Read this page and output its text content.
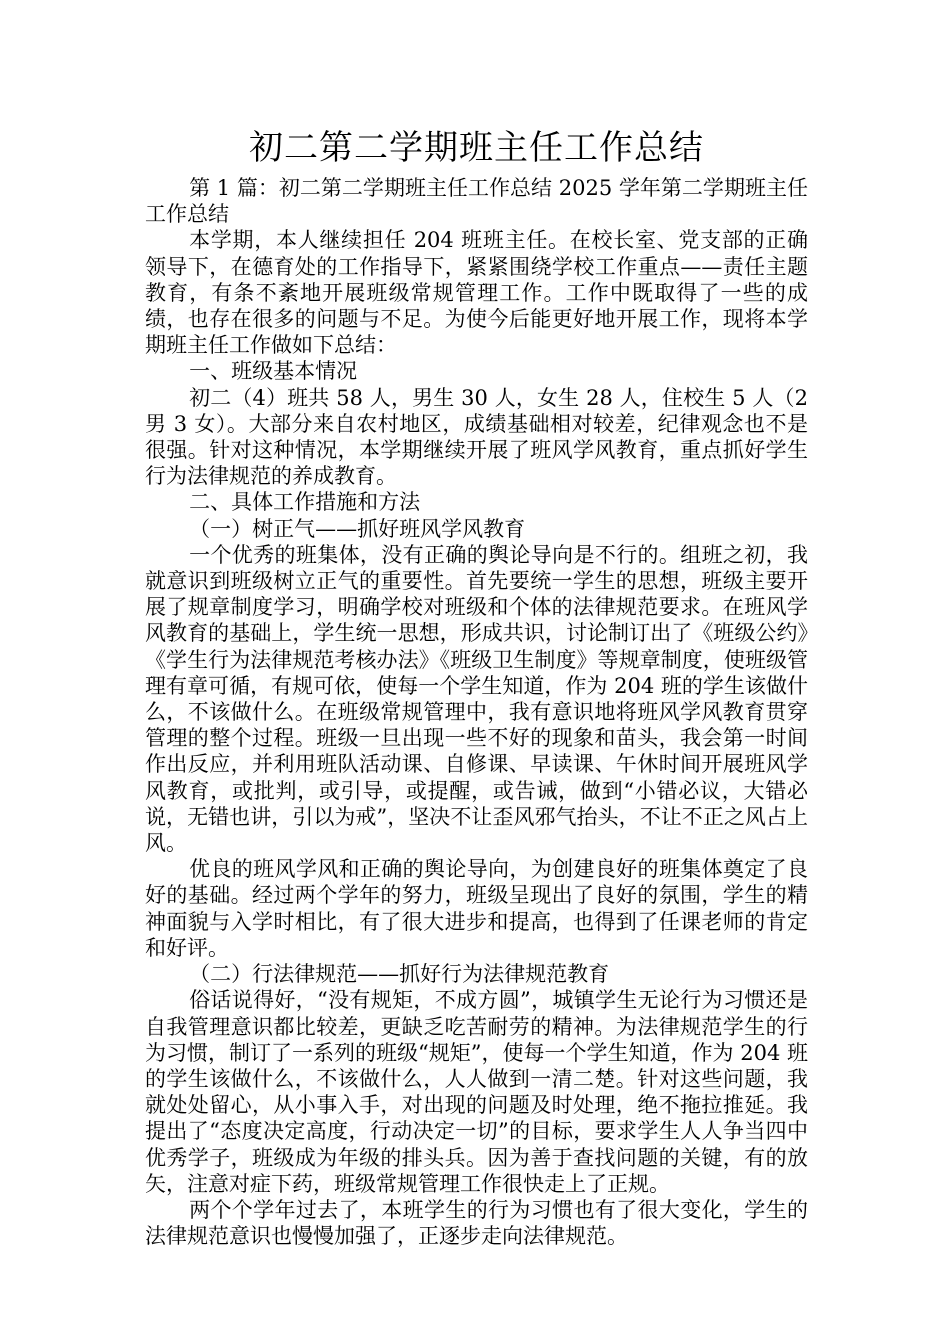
初二第二学期班主任工作总结

第 1 篇：初二第二学期班主任工作总结 2025 学年第二学期班主任工作总结

本学期，本人继续担任 204 班班主任。在校长室、党支部的正确领导下，在德育处的工作指导下，紧紧围绕学校工作重点——责任主题教育，有条不紊地开展班级常规管理工作。工作中既取得了一些的成绩，也存在很多的问题与不足。为使今后能更好地开展工作，现将本学期班主任工作做如下总结：

一、班级基本情况

初二（4）班共 58 人，男生 30 人，女生 28 人，住校生 5 人（2 男 3 女）。大部分来自农村地区，成绩基础相对较差，纪律观念也不是很强。针对这种情况，本学期继续开展了班风学风教育，重点抓好学生行为法律规范的养成教育。

二、具体工作措施和方法

（一）树正气——抓好班风学风教育

一个优秀的班集体，没有正确的舆论导向是不行的。组班之初，我就意识到班级树立正气的重要性。首先要统一学生的思想，班级主要开展了规章制度学习，明确学校对班级和个体的法律规范要求。在班风学风教育的基础上，学生统一思想，形成共识，讨论制订出了《班级公约》《学生行为法律规范考核办法》《班级卫生制度》等规章制度，使班级管理有章可循，有规可依，使每一个学生知道，作为 204 班的学生该做什么，不该做什么。在班级常规管理中，我有意识地将班风学风教育贯穿管理的整个过程。班级一旦出现一些不好的现象和苗头，我会第一时间作出反应，并利用班队活动课、自修课、早读课、午休时间开展班风学风教育，或批判，或引导，或提醒，或告诫，做到“小错必议，大错必说，无错也讲，引以为戒”，坚决不让歪风邪气抬头，不让不正之风占上风。

优良的班风学风和正确的舆论导向，为创建良好的班集体奠定了良好的基础。经过两个学年的努力，班级呈现出了良好的氛围，学生的精神面貌与入学时相比，有了很大进步和提高，也得到了任课老师的肯定和好评。

（二）行法律规范——抓好行为法律规范教育

俗话说得好，“没有规矩，不成方圆”，城镇学生无论行为习惯还是自我管理意识都比较差，更缺乏吃苦耐劳的精神。为法律规范学生的行为习惯，制订了一系列的班级“规矩”，使每一个学生知道，作为 204 班的学生该做什么，不该做什么，人人做到一清二楚。针对这些问题，我就处处留心，从小事入手，对出现的问题及时处理，绝不拖拉推延。我提出了“态度决定高度，行动决定一切”的目标，要求学生人人争当四中优秀学子，班级成为年级的排头兵。因为善于查找问题的关键，有的放矢，注意对症下药，班级常规管理工作很快走上了正规。

两个个学年过去了，本班学生的行为习惯也有了很大变化，学生的法律规范意识也慢慢加强了，正逐步走向法律规范。
